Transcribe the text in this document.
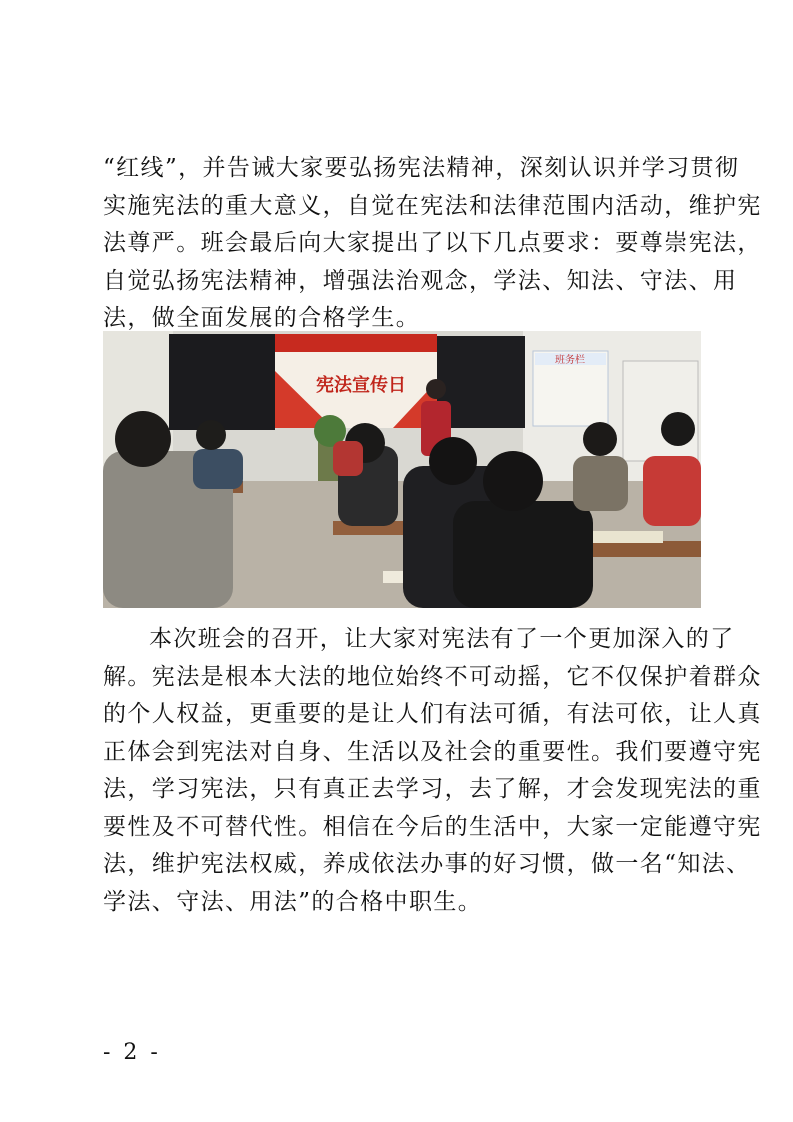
“红线”，并告诫大家要弘扬宪法精神，深刻认识并学习贯彻
实施宪法的重大意义，自觉在宪法和法律范围内活动，维护宪
法尊严。班会最后向大家提出了以下几点要求：要尊崇宪法，
自觉弘扬宪法精神，增强法治观念，学法、知法、守法、用
法，做全面发展的合格学生。
宪法宣传日
班务栏
本次班会的召开，让大家对宪法有了一个更加深入的了
解。宪法是根本大法的地位始终不可动摇，它不仅保护着群众
的个人权益，更重要的是让人们有法可循，有法可依，让人真
正体会到宪法对自身、生活以及社会的重要性。我们要遵守宪
法，学习宪法，只有真正去学习，去了解，才会发现宪法的重
要性及不可替代性。相信在今后的生活中，大家一定能遵守宪
法，维护宪法权威，养成依法办事的好习惯，做一名“知法、
学法、守法、用法”的合格中职生。
- 2 -
